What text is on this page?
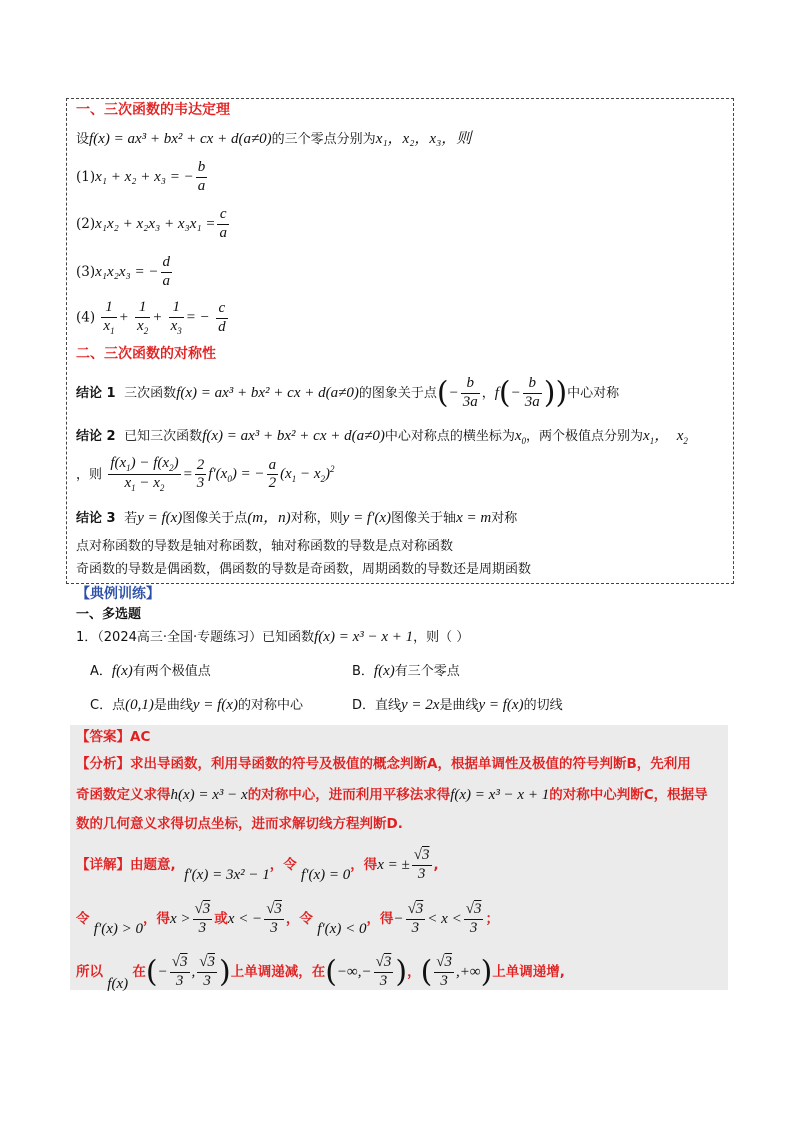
一、三次函数的韦达定理
设f(x) = ax³ + bx² + cx + d(a≠0)的三个零点分别为x₁，x₂，x₃，则
(1)x₁ + x₂ + x₃ = − $\frac{b}{a}$
$(2)x_1x_2 + x_2x_3 + x_3x_1 = \frac{c}{a}$
(3)x₁x₂x₃ = − $\frac{d}{a}$
$(4) \frac{1}{x_1} + \frac{1}{x_2} + \frac{1}{x_3}$ = − $\frac{c}{d}$
二、三次函数的对称性
结论 1 三次函数f(x) = ax³ + bx² + cx + d(a≠0)的图象关于点(− $\frac{b}{3a}$ ，$f(- \frac{b}{3a}$ ))中心对称
结论 2 已知三次函数f(x) = ax³ + bx² + cx + d(a≠0)中心对称点的横坐标为$x_0$，两个极值点分别为$x_1$，  $x_2$
，则 $\frac{f(x_1) - f(x_2)}{x_1 - x_2} = \frac{2}{3} f'(x_0)$ = − $\frac{a}{2} (x_1 - x_2)^2$
结论 3 若y = f(x)图像关于点(m，n)对称，则y = f′(x)图像关于轴x = m对称
点对称函数的导数是轴对称函数，轴对称函数的导数是点对称函数
奇函数的导数是偶函数，偶函数的导数是奇函数，周期函数的导数还是周期函数
【典例训练】
一、多选题
1．（2024高三·全国·专题练习）已知函数f(x) = x³ − x + 1，则（ ）
A．f(x)有两个极值点	B．f(x)有三个零点
C．点(0,1)是曲线y = f(x)的对称中心	D．直线y = 2x是曲线y = f(x)的切线
【答案】AC
【分析】求出导函数，利用导函数的符号及极值的概念判断A，根据单调性及极值的符号判断B，先利用
奇函数定义求得h(x) = x³ − x的对称中心，进而利用平移法求得f(x) = x³ − x + 1的对称中心判断C，根据导
数的几何意义求得切点坐标，进而求解切线方程判断D.
【详解】由题意,  f′(x) = 3x² − 1，令 f′(x) = 0，得x = ± $\frac{√3}{3}$ ,
令 f′(x) > 0，得$x > \frac{√3}{3}$ 或x < − $\frac{√3}{3}$ ，令 f′(x) < 0，得− $\frac{√3}{3} < x < \frac{√3}{3}$ ；
所以 f(x) 在(− $\frac{√3}{3}$ , $\frac{√3}{3}$ )上单调递减，在(−∞,− $\frac{√3}{3}$ )，( $\frac{√3}{3}$ ,+∞)上单调递增,
